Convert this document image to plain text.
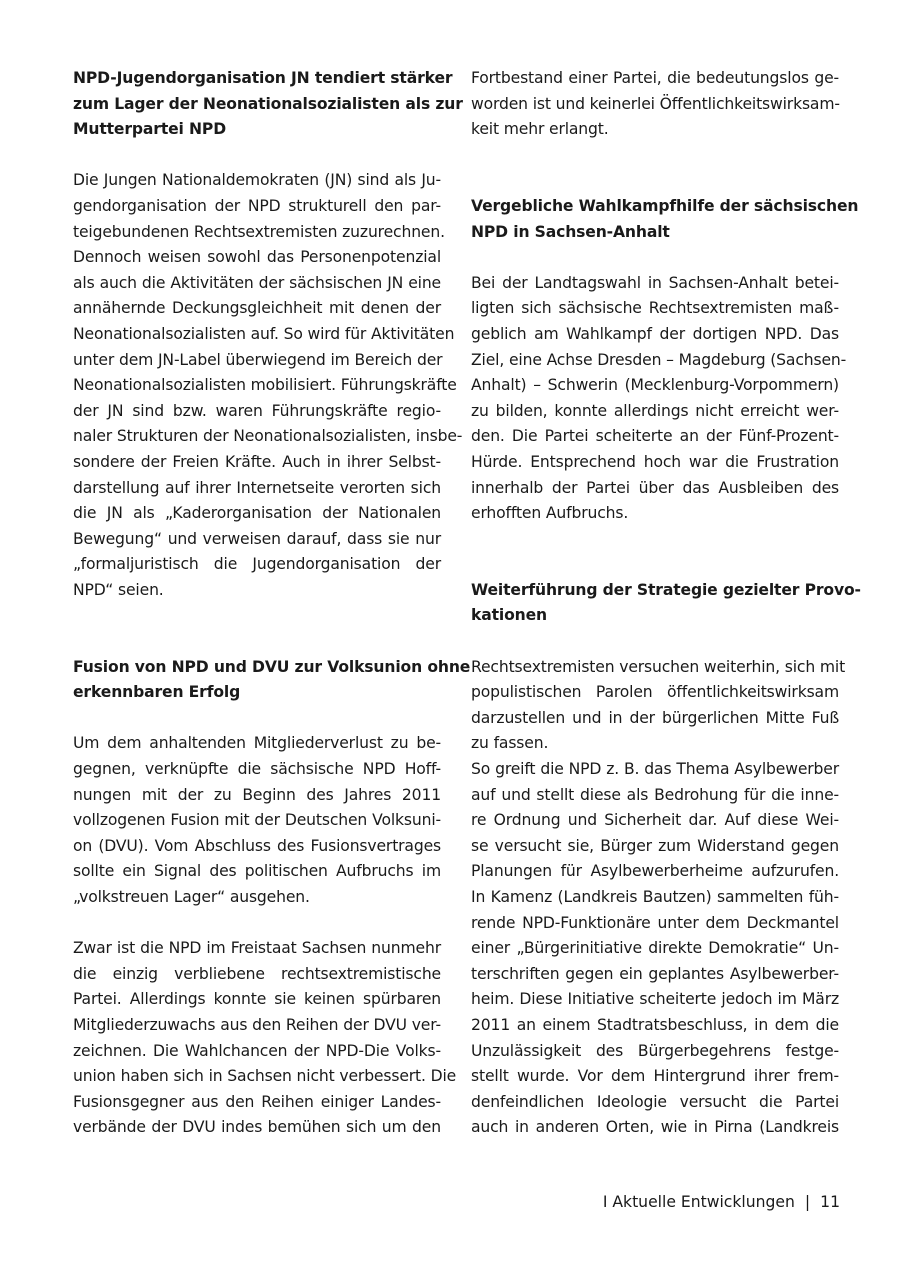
NPD-Jugendorganisation JN tendiert stärker
zum Lager der Neonationalsozialisten als zur
Mutterpartei NPD
Die Jungen Nationaldemokraten (JN) sind als Ju-
gendorganisation der NPD strukturell den par-
teigebundenen Rechtsextremisten zuzurechnen.
Dennoch weisen sowohl das Personenpotenzial
als auch die Aktivitäten der sächsischen JN eine
annähernde Deckungsgleichheit mit denen der
Neonationalsozialisten auf. So wird für Aktivitäten
unter dem JN-Label überwiegend im Bereich der
Neonationalsozialisten mobilisiert. Führungskräfte
der JN sind bzw. waren Führungskräfte regio-
naler Strukturen der Neonationalsozialisten, insbe-
sondere der Freien Kräfte. Auch in ihrer Selbst-
darstellung auf ihrer Internetseite verorten sich
die JN als „Kaderorganisation der Nationalen
Bewegung“ und verweisen darauf, dass sie nur
„formaljuristisch die Jugendorganisation der
NPD“ seien.
Fusion von NPD und DVU zur Volksunion ohne
erkennbaren Erfolg
Um dem anhaltenden Mitgliederverlust zu be-
gegnen, verknüpfte die sächsische NPD Hoff-
nungen mit der zu Beginn des Jahres 2011
vollzogenen Fusion mit der Deutschen Volksuni-
on (DVU). Vom Abschluss des Fusionsvertrages
sollte ein Signal des politischen Aufbruchs im
„volkstreuen Lager“ ausgehen.
Zwar ist die NPD im Freistaat Sachsen nunmehr
die einzig verbliebene rechtsextremistische
Partei. Allerdings konnte sie keinen spürbaren
Mitgliederzuwachs aus den Reihen der DVU ver-
zeichnen. Die Wahlchancen der NPD-Die Volks-
union haben sich in Sachsen nicht verbessert. Die
Fusionsgegner aus den Reihen einiger Landes-
verbände der DVU indes bemühen sich um den
Fortbestand einer Partei, die bedeutungslos ge-
worden ist und keinerlei Öffentlichkeitswirksam-
keit mehr erlangt.
Vergebliche Wahlkampfhilfe der sächsischen
NPD in Sachsen-Anhalt
Bei der Landtagswahl in Sachsen-Anhalt betei-
ligten sich sächsische Rechtsextremisten maß-
geblich am Wahlkampf der dortigen NPD. Das
Ziel, eine Achse Dresden – Magdeburg (Sachsen-
Anhalt) – Schwerin (Mecklenburg-Vorpommern)
zu bilden, konnte allerdings nicht erreicht wer-
den. Die Partei scheiterte an der Fünf-Prozent-
Hürde. Entsprechend hoch war die Frustration
innerhalb der Partei über das Ausbleiben des
erhofften Aufbruchs.
Weiterführung der Strategie gezielter Provo-
kationen
Rechtsextremisten versuchen weiterhin, sich mit
populistischen Parolen öffentlichkeitswirksam
darzustellen und in der bürgerlichen Mitte Fuß
zu fassen.
So greift die NPD z. B. das Thema Asylbewerber
auf und stellt diese als Bedrohung für die inne-
re Ordnung und Sicherheit dar. Auf diese Wei-
se versucht sie, Bürger zum Widerstand gegen
Planungen für Asylbewerberheime aufzurufen.
In Kamenz (Landkreis Bautzen) sammelten füh-
rende NPD-Funktionäre unter dem Deckmantel
einer „Bürgerinitiative direkte Demokratie“ Un-
terschriften gegen ein geplantes Asylbewerber-
heim. Diese Initiative scheiterte jedoch im März
2011 an einem Stadtratsbeschluss, in dem die
Unzulässigkeit des Bürgerbegehrens festge-
stellt wurde. Vor dem Hintergrund ihrer frem-
denfeindlichen Ideologie versucht die Partei
auch in anderen Orten, wie in Pirna (Landkreis
I Aktuelle Entwicklungen | 11
